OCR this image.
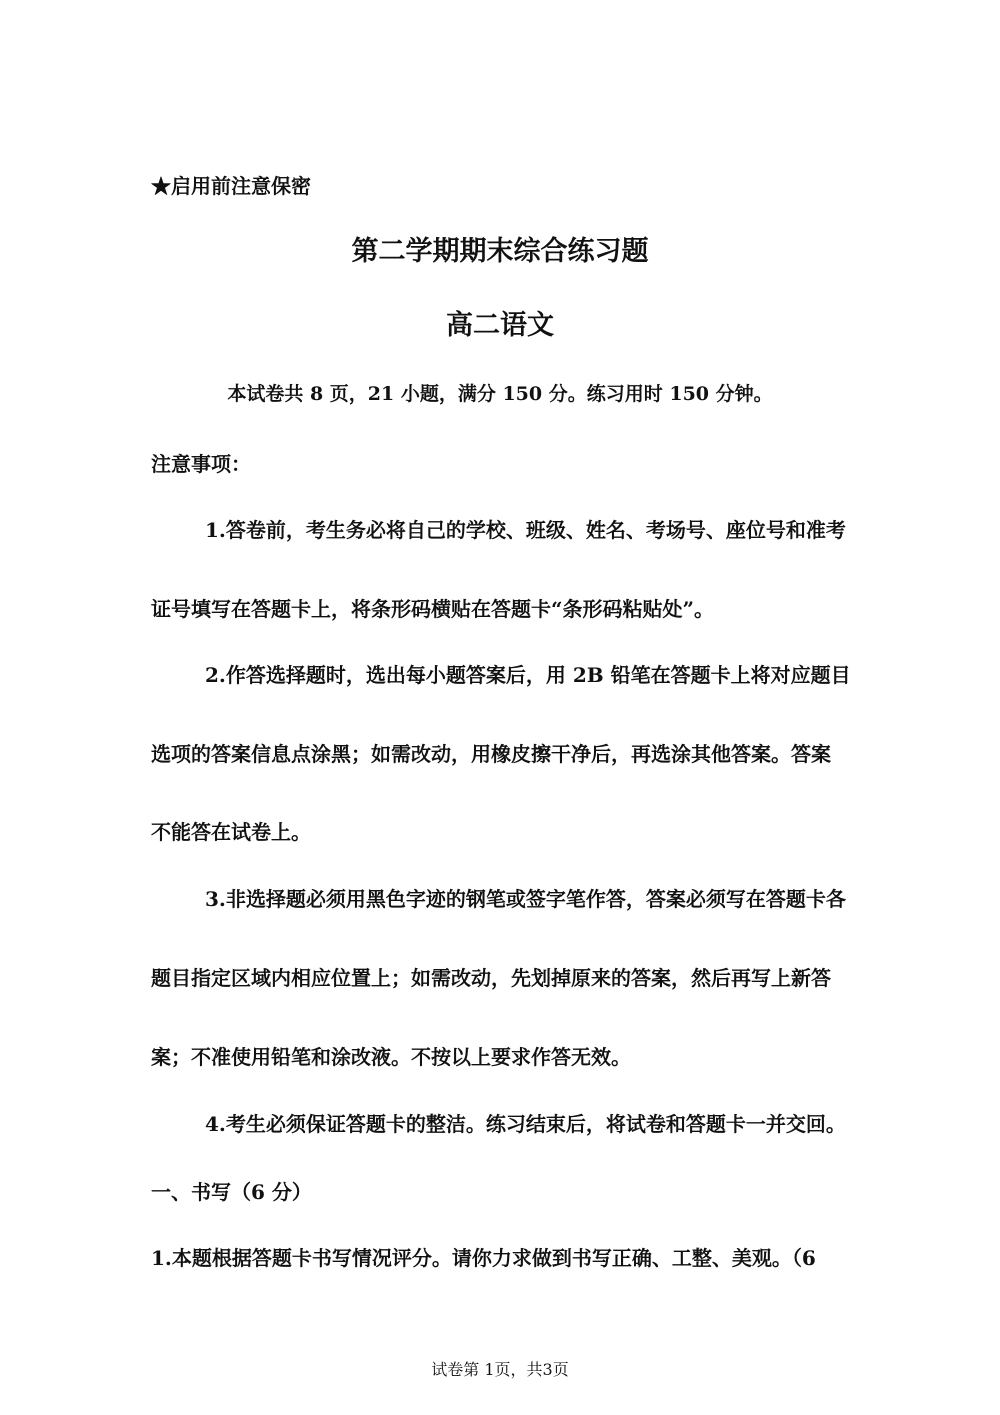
★启用前注意保密
第二学期期末综合练习题
高二语文
本试卷共 8 页，21 小题，满分 150 分。练习用时 150 分钟。
注意事项：
1.答卷前，考生务必将自己的学校、班级、姓名、考场号、座位号和准考
证号填写在答题卡上，将条形码横贴在答题卡“条形码粘贴处”。
2.作答选择题时，选出每小题答案后，用 2B 铅笔在答题卡上将对应题目
选项的答案信息点涂黑；如需改动，用橡皮擦干净后，再选涂其他答案。答案
不能答在试卷上。
3.非选择题必须用黑色字迹的钢笔或签字笔作答，答案必须写在答题卡各
题目指定区域内相应位置上；如需改动，先划掉原来的答案，然后再写上新答
案；不准使用铅笔和涂改液。不按以上要求作答无效。
4.考生必须保证答题卡的整洁。练习结束后，将试卷和答题卡一并交回。
一、书写（6 分）
1.本题根据答题卡书写情况评分。请你力求做到书写正确、工整、美观。（6
试卷第 1页，共3页
